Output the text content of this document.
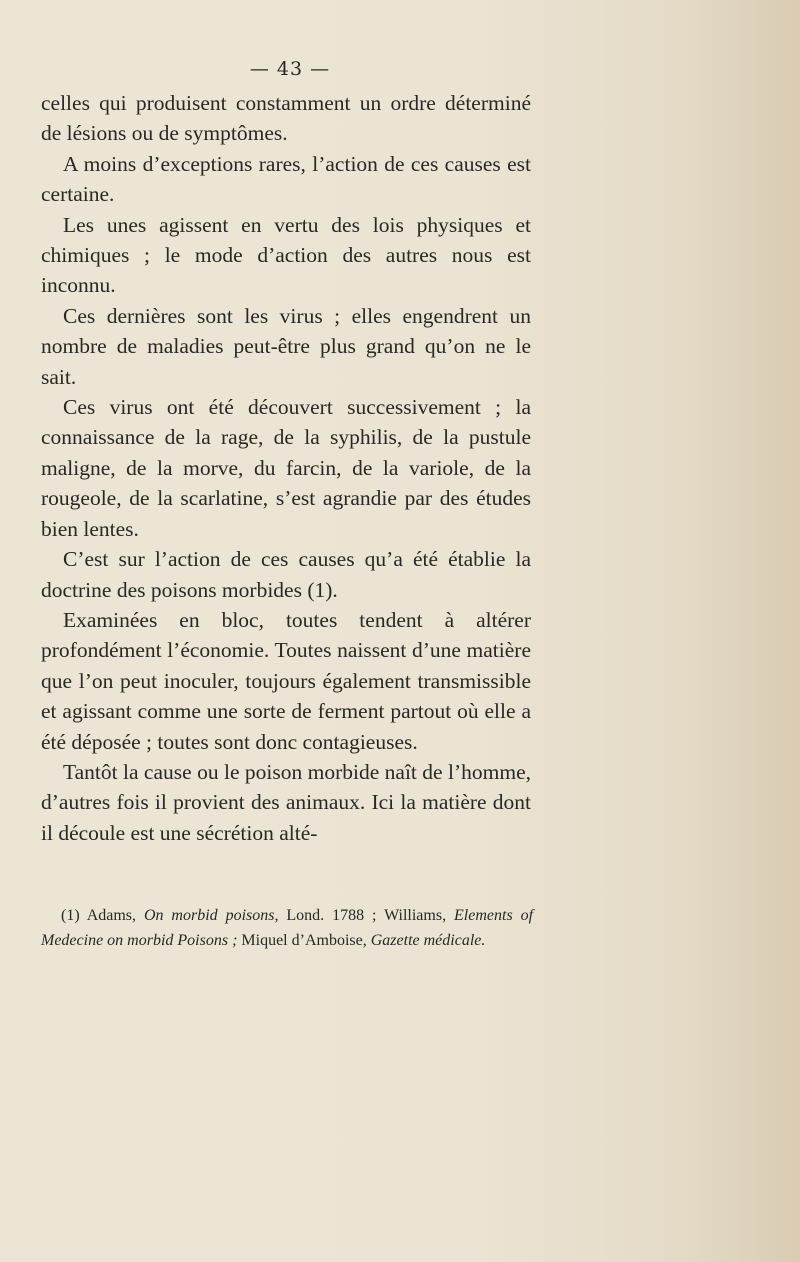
— 43 —

celles qui produisent constamment un ordre déterminé de lésions ou de symptômes.

A moins d’exceptions rares, l’action de ces causes est certaine.

Les unes agissent en vertu des lois physiques et chimiques ; le mode d’action des autres nous est inconnu.

Ces dernières sont les virus ; elles engendrent un nombre de maladies peut-être plus grand qu’on ne le sait.

Ces virus ont été découvert successivement ; la connaissance de la rage, de la syphilis, de la pustule maligne, de la morve, du farcin, de la variole, de la rougeole, de la scarlatine, s’est agrandie par des études bien lentes.

C’est sur l’action de ces causes qu’a été établie la doctrine des poisons morbides (1).

Examinées en bloc, toutes tendent à altérer profondément l’économie. Toutes naissent d’une matière que l’on peut inoculer, toujours également transmissible et agissant comme une sorte de ferment partout où elle a été déposée ; toutes sont donc contagieuses.

Tantôt la cause ou le poison morbide naît de l’homme, d’autres fois il provient des animaux. Ici la matière dont il découle est une sécrétion alté-

(1) Adams, On morbid poisons, Lond. 1788 ; Williams, Elements of Medecine on morbid Poisons ; Miquel d’Amboise, Gazette médicale.
